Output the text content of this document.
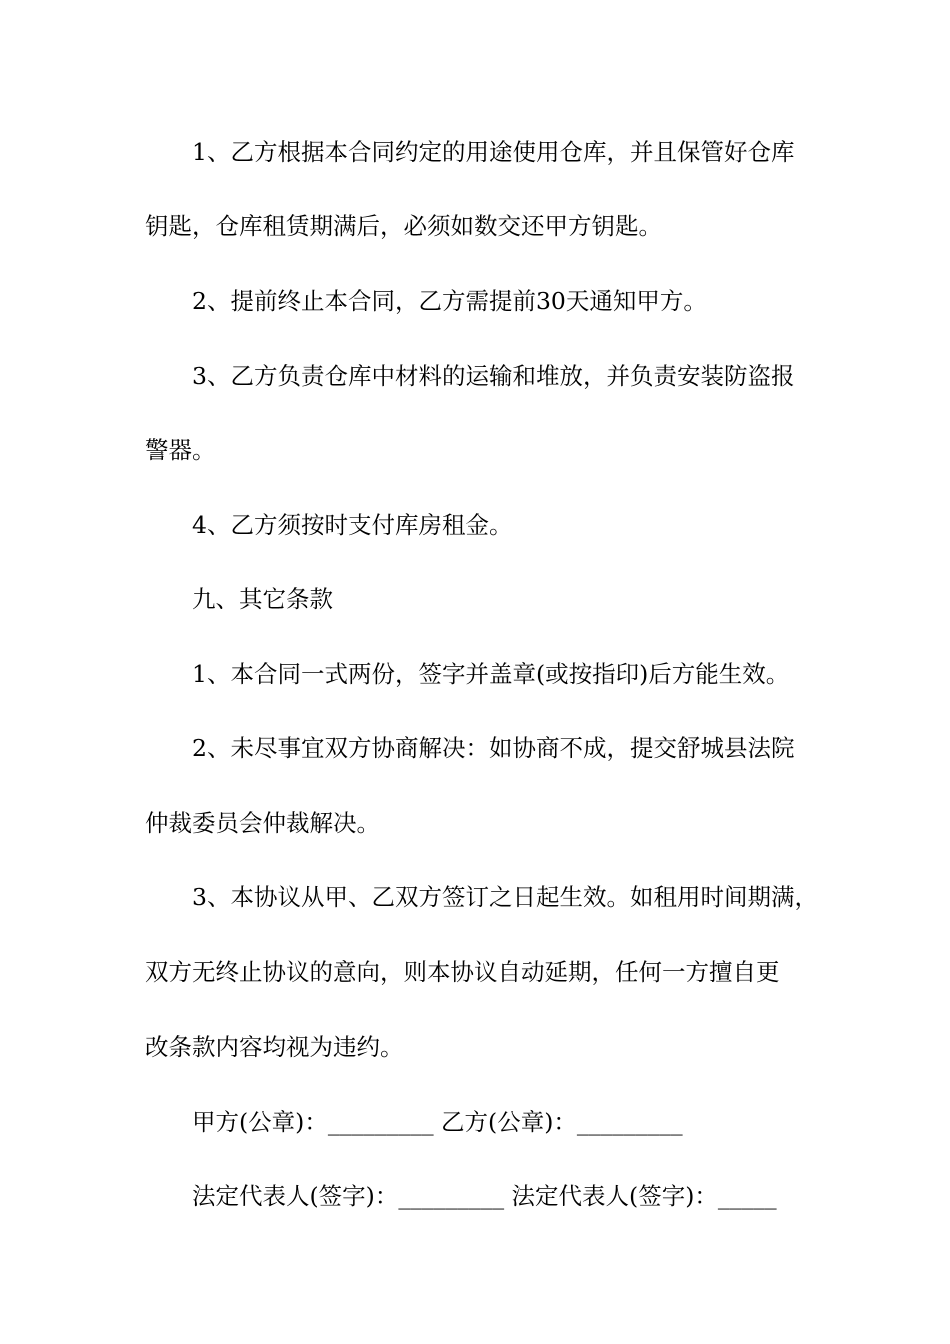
1、乙方根据本合同约定的用途使用仓库，并且保管好仓库
钥匙，仓库租赁期满后，必须如数交还甲方钥匙。
2、提前终止本合同，乙方需提前30天通知甲方。
3、乙方负责仓库中材料的运输和堆放，并负责安装防盗报
警器。
4、乙方须按时支付库房租金。
九、其它条款
1、本合同一式两份，签字并盖章(或按指印)后方能生效。
2、未尽事宜双方协商解决：如协商不成，提交舒城县法院
仲裁委员会仲裁解决。
3、本协议从甲、乙双方签订之日起生效。如租用时间期满，
双方无终止协议的意向，则本协议自动延期，任何一方擅自更
改条款内容均视为违约。
甲方(公章)：_________ 乙方(公章)：_________
法定代表人(签字)：_________ 法定代表人(签字)：_____
